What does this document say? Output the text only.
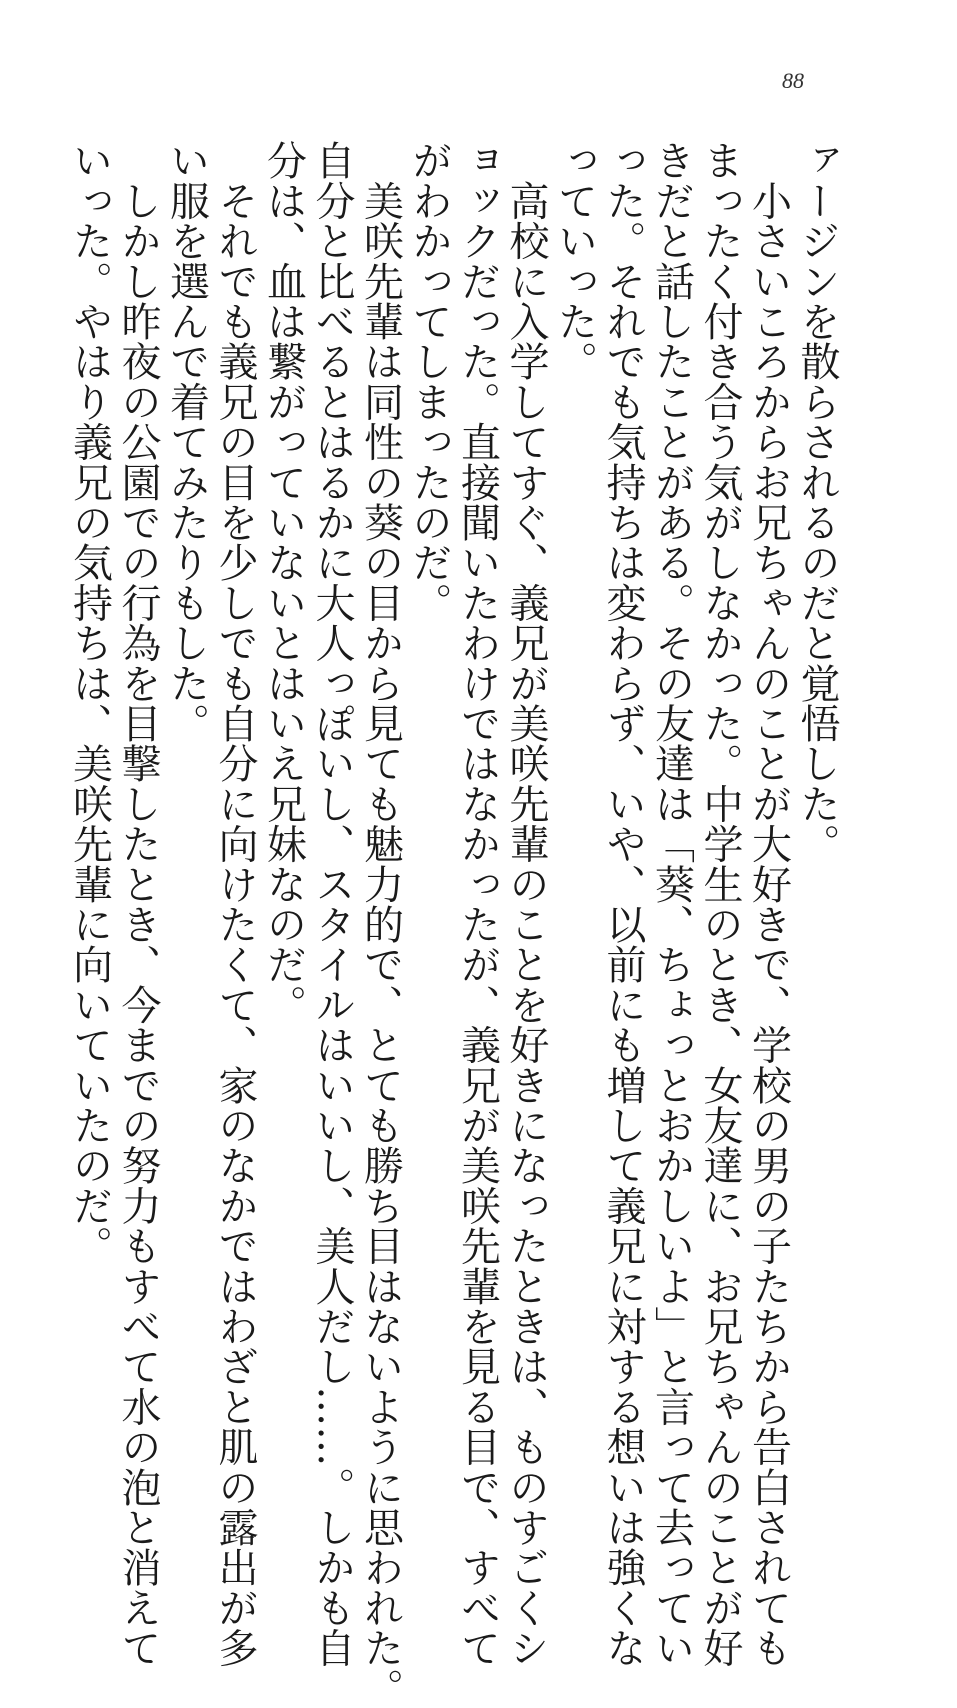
88
ァージンを散らされるのだと覚悟した。
　小さいころからお兄ちゃんのことが大好きで、学校の男の子たちから告白されても
まったく付き合う気がしなかった。中学生のとき、女友達に、お兄ちゃんのことが好
きだと話したことがある。その友達は「葵、ちょっとおかしいよ」と言って去ってい
った。それでも気持ちは変わらず、いや、以前にも増して義兄に対する想いは強くな
っていった。
　高校に入学してすぐ、義兄が美咲先輩のことを好きになったときは、ものすごくシ
ョックだった。直接聞いたわけではなかったが、義兄が美咲先輩を見る目で、すべて
がわかってしまったのだ。
　美咲先輩は同性の葵の目から見ても魅力的で、とても勝ち目はないように思われた。
自分と比べるとはるかに大人っぽいし、スタイルはいいし、美人だし……。しかも自
分は、血は繋がっていないとはいえ兄妹なのだ。
　それでも義兄の目を少しでも自分に向けたくて、家のなかではわざと肌の露出が多
い服を選んで着てみたりもした。
　しかし昨夜の公園での行為を目撃したとき、今までの努力もすべて水の泡と消えて
いった。やはり義兄の気持ちは、美咲先輩に向いていたのだ。
